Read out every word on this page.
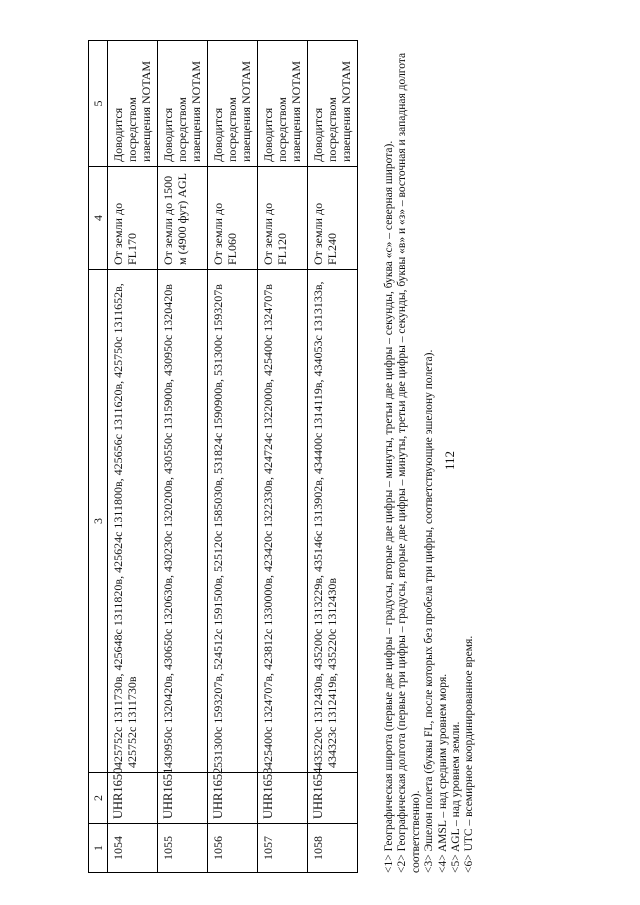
112
1	2	3	4	5
1054	UHR1650	425752с 1311730в, 425648с 1311820в, 425624с 1311800в, 425656с 1311620в, 425750с 1311652в, 425752с 1311730в	От земли до FL170	Доводится посредством извещения NOTAM
1055	UHR1651	430950с 1320420в, 430650с 1320630в, 430230с 1320200в, 430550с 1315900в, 430950с 1320420в	От земли до 1500 м (4900 фут) AGL	Доводится посредством извещения NOTAM
1056	UHR1652	531300с 1593207в, 524512с 1591500в, 525120с 1585030в, 531824с 1590900в, 531300с 1593207в	От земли до FL060	Доводится посредством извещения NOTAM
1057	UHR1653	425400с 1324707в, 423812с 1330000в, 423420с 1322330в, 424724с 1322000в, 425400с 1324707в	От земли до FL120	Доводится посредством извещения NOTAM
1058	UHR1654	435220с 1312430в, 435200с 1313229в, 435146с 1313902в, 434400с 1314119в, 434053с 1313133в, 434323с 1312419в, 435220с 1312430в	От земли до FL240	Доводится посредством извещения NOTAM

<1> Географическая широта (первые две цифры – градусы, вторые две цифры – минуты, третьи две цифры – секунды, буква «с» – северная широта). <2> Географическая долгота (первые три цифры – градусы, вторые две цифры – минуты, третьи две цифры – секунды, буквы «в» и «з» – восточная и западная долгота соответственно). <3> Эшелон полета (буквы FL, после которых без пробела три цифры, соответствующие эшелону полета). <4> AMSL – над средним уровнем моря. <5> AGL – над уровнем земли. <6> UTC – всемирное координированное время.
